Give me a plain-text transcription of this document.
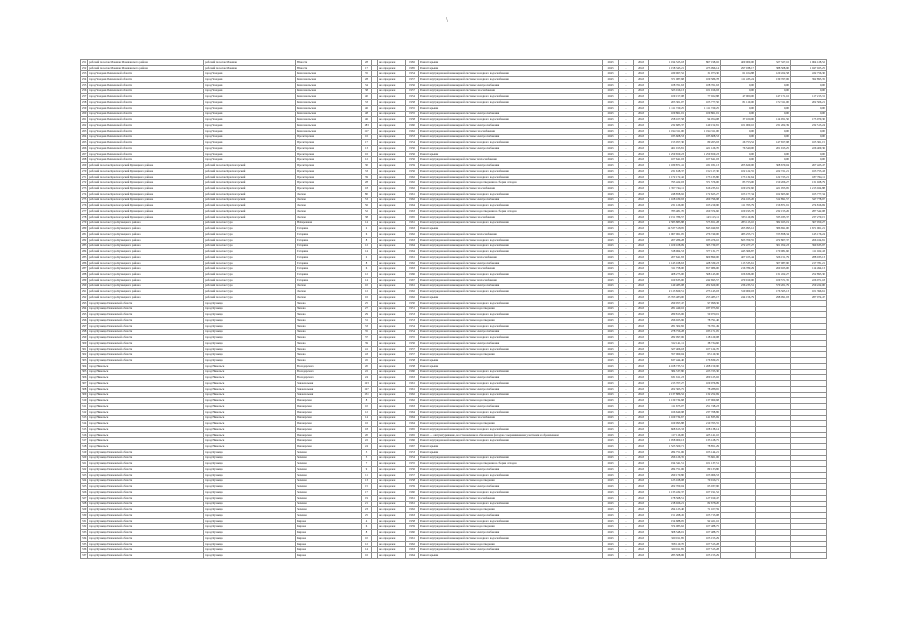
\
251	рабочий поселок Мокшан Мокшанского района	рабочий поселок Мокшан	Юности	28		не определен	1982	Ремонт крыши	2043	-	2043	1 194 525,18	867 198,02	400 000,00	327 327,16	1 064 128,52
252	рабочий поселок Мокшан Мокшанского района	рабочий поселок Мокшан	Юности	17		не определен	1985	Ремонт крыши	2043	-	2043	1 158 343,21	473 096,14	297 038,17	388 508,90	1 047 025,25
253	город Чаадаев Пензенской области	город Чаадаев	Комсомольская	35		не определен	1954	Ремонт внутридомовой инженерной системы холодного водоснабжения	2043	-	2043	430 967,52	31 073,30	61 104,88	120 452,58	432 756,30
254	город Чаадаев Пензенской области	город Чаадаев	Комсомольская	28		не определен	1957	Ремонт внутридомовой инженерной системы холодного водоснабжения	2043	-	2043	371 087,68	109 586,78	111 433,24	139 767,06	392 895,35
255	город Чаадаев Пензенской области	город Чаадаев	Комсомольская	34		не определен	1956	Ремонт внутридомовой инженерной системы электроснабжения	2043	-	2043	108 761,63	108 761,63	0,00	0,00	0,00
256	город Чаадаев Пензенской области	город Чаадаев	Комсомольская	38		не определен	1957	Ремонт внутридомовой инженерной системы газоснабжения	2043	-	2043	323 016,13	101 016,93	0,00	0,00	0,00
257	город Чаадаев Пензенской области	город Чаадаев	Комсомольская	40		не определен	1954	Ремонт внутридомовой инженерной системы холодного водоснабжения	2043	-	2043	109 157,08	77 022,88	47 000,00	147 171,16	117 213,31
258	город Чаадаев Пензенской области	город Чаадаев	Комсомольская	33		не определен	1958	Ремонт внутридомовой инженерной системы холодного водоснабжения	2043	-	2043	203 301,07	105 777,50	81 110,00	172 311,00	202 506,21
259	город Чаадаев Пензенской области	город Чаадаев	Комсомольская	46		не определен	1955	Ремонт крыши	2043	-	2043	1 111 720,25	1 111 720,25	0,00	0,00	0,00
260	город Чаадаев Пензенской области	город Чаадаев	Комсомольская	48		не определен	1955	Ремонт внутридомовой инженерной системы электроснабжения	2043	-	2043	109 861,01	109 861,01	0,00	0,00	0,00
261	город Чаадаев Пензенской области	город Чаадаев	Комсомольская	46		не определен	1958	Ремонт внутридомовой инженерной системы холодного водоснабжения	2043	-	2043	258 107,58	94 054,08	37 100,00	114 951,50	175 970,30
262	город Чаадаев Пензенской области	город Чаадаев	Комсомольская	183		не определен	1960	Ремонт внутридомовой инженерной системы электроснабжения	2043	-	2043	232 683,37	140 152,81	101 000,10	231 202,39	232 513,24
263	город Чаадаев Пензенской области	город Чаадаев	Комсомольская	117		не определен	1962	Ремонт внутридомовой инженерной системы газоснабжения	2043	-	2043	1 194 311,00	1 194 311,00	0,00	0,00	0,00
264	город Чаадаев Пензенской области	город Чаадаев	Пролетарская	16		не определен	1953	Ремонт внутридомовой инженерной системы электроснабжения	2043	-	2043	185 608,53	185 608,53	0,00	0,00	0,00
265	город Чаадаев Пензенской области	город Чаадаев	Пролетарская	17		не определен	1954	Ремонт внутридомовой инженерной системы холодного водоснабжения	2043	-	2043	153 057,30	80 265,93	26 753,52	147 657,98	165 361,15
266	город Чаадаев Пензенской области	город Чаадаев	Пролетарская	13		не определен	1956	Ремонт внутридомовой инженерной системы электроснабжения	2043	-	2043	461 013,81	421 126,70	76 540,00	201 913,25	226 409,36
267	город Чаадаев Пензенской области	город Чаадаев	Пролетарская	16		не определен	1956	Ремонт крыши	2043	-	2043	1 259 659,23	1 259 659,23	0,00	0,00	0,00
268	город Чаадаев Пензенской области	город Чаадаев	Пролетарская	12		не определен	1956	Ремонт внутридомовой инженерной системы теплоснабжения	2043	-	2043	107 641,03	107 641,03	0,00	0,00	0,00
269	рабочий поселок Красногорский Кузнецкого района	рабочий поселок Красногорский	Пролетарская	30		не определен	1959	Ремонт внутридомовой инженерной системы электроснабжения	2043	-	2043	1 180 871,41	431 031,13	205 620,00	368 670,04	267 423,47
270	рабочий поселок Красногорский Кузнецкого района	рабочий поселок Красногорский	Пролетарская	33		не определен	1956	Ремонт внутридомовой инженерной системы холодного водоснабжения	2043	-	2043	231 618,37	152 117,30	102 122,55	222 721,21	163 753,43
271	рабочий поселок Красногорский Кузнецкого района	рабочий поселок Красногорский	Пролетарская	39		не определен	1962	Ремонт внутридомовой инженерной системы холодного водоснабжения	2043	-	2043	1 172 172,42	173 133,80	173 132,64	122 723,21	187 764,11
272	рабочий поселок Красногорский Кузнецкого района	рабочий поселок Красногорский	Пролетарская	28		не определен	1962	Ремонт внутридомовой инженерной системы водоотведения и сборки отходов	2043	-	2043	795 422,03	371 576,00	83 753,00	150 206,27	131 928,79
273	рабочий поселок Красногорский Кузнецкого района	рабочий поселок Красногорский	Пролетарская	18		не определен	1962	Ремонт внутридомовой инженерной системы газоснабжения	2043	-	2043	1 357 744,11	616 235,61	109 472,60	421 053,95	1 213 024,88
274	рабочий поселок Красногорский Кузнецкого района	рабочий поселок Красногорский	Лесная	80		не определен	1961	Ремонт внутридомовой инженерной системы холодного водоснабжения	2043	-	2043	248 858,92	172 625,27	103 177,34	162 603,60	165 777,34
275	рабочий поселок Красногорский Кузнецкого района	рабочий поселок Красногорский	Лесная	53		не определен	1962	Ремонт внутридомовой инженерной системы электроснабжения	2043	-	2043	1 168 180,93	269 796,98	254 163,20	312 891,57	347 778,97
276	рабочий поселок Красногорский Кузнецкого района	рабочий поселок Красногорский	Лесная	56		не определен	1964	Ремонт внутридомовой инженерной системы холодного водоснабжения	2043	-	2043	231 126,00	163 219,90	111 763,79	156 871,91	274 816,69
277	рабочий поселок Красногорский Кузнецкого района	рабочий поселок Красногорский	Лесная	52		не определен	1963	Ремонт внутридомовой инженерной системы водоотведения и сборки отходов	2043	-	2043	783 481,70	450 374,60	100 193,70	232 153,26	287 542,08
278	рабочий поселок Красногорский Кузнецкого района	рабочий поселок Красногорский	Лесная	38		не определен	1965	Ремонт внутридомовой инженерной системы газоснабжения	2043	-	2043	2 151 786,57	143 113,11	333 119,09	335 033,37	237 270,15
279	рабочий поселок Сура Кузнецкого района	рабочий поселок Сура	Набережная	14		не определен	1961	Ремонт внутридомовой инженерной системы холодного водоснабжения	2043	-	2043	2 583 883,88	575 651,28	283 113,10	382 923,19	367 950,27
280	рабочий поселок Сура Кузнецкого района	рабочий поселок Сура	Гагарина	2		не определен	1963	Ремонт крыши	2043	-	2043	14 537 518,95	843 040,83	265 095,12	386 691,00	1 671 961,21
281	рабочий поселок Сура Кузнецкого района	рабочий поселок Сура	Гагарина	6		не определен	1962	Ремонт внутридомовой инженерной системы теплоснабжения	2043	-	2043	1 067 061,05	276 740,00	483 253,71	723 858,34	145 176,24
282	рабочий поселок Сура Кузнецкого района	рабочий поселок Сура	Гагарина	8		не определен	1963	Ремонт внутридомовой инженерной системы холодного водоснабжения	2043	-	2043	207 286,28	183 476,10	823 700,55	472 807,37	266 164,81
283	рабочий поселок Сура Кузнецкого района	рабочий поселок Сура	Гагарина	12		не определен	1964	Ремонт внутридомовой инженерной системы холодного водоснабжения	2043	-	2043	1 109 108,09	305 730,07	272 477,27	301 052,23	390 635,97
284	рабочий поселок Сура Кузнецкого района	рабочий поселок Сура	Гагарина	14		не определен	1964	Ремонт внутридомовой инженерной системы холодного водоснабжения	2043	-	2043	318 964,53	377 131,77	445 366,87	170 081,60	111 022,43
285	рабочий поселок Сура Кузнецкого района	рабочий поселок Сура	Гагарина	2		не определен	1961	Ремонт внутридомовой инженерной системы теплоснабжения	2043	-	2043	207 641,83	609 890,00	407 103,44	326 151,79	288 933,13
286	рабочий поселок Сура Кузнецкого района	рабочий поселок Сура	Гагарина	8		не определен	1962	Ремонт внутридомовой инженерной системы электроснабжения	2043	-	2043	1 145 168,63	428 339,23	113 535,61	307 087,90	217 781,21
287	рабочий поселок Сура Кузнецкого района	рабочий поселок Сура	Гагарина	6		не определен	1963	Ремонт внутридомовой инженерной системы газоснабжения	2043	-	2043	311 758,00	657 986,00	216 789,29	260 923,00	114 494,13
288	рабочий поселок Сура Кузнецкого района	рабочий поселок Сура	Гагарина	12		не определен	1966	Ремонт внутридомовой инженерной системы холодного водоснабжения	2043	-	2043	408 275,00	568 143,00	106 636,00	131 452,27	252 893,30
289	рабочий поселок Сура Кузнецкого района	рабочий поселок Сура	Гагарина	14		не определен	1967	Ремонт внутридомовой инженерной системы теплоснабжения	2043	-	2043	160 635,00	242 693,57	470 910,00	109 571,35	226 971,18
290	рабочий поселок Сура Кузнецкого района	рабочий поселок Сура	Лесная	10		не определен	1961	Ремонт внутридомовой инженерной системы электроснабжения	2043	-	2043	149 485,08	202 620,00	236 233,51	579 201,79	259 222,00
291	рабочий поселок Сура Кузнецкого района	рабочий поселок Сура	Лесная	12		не определен	1962	Ремонт внутридомовой инженерной системы холодного водоснабжения	2043	-	2043	2 113 829,51	273 143,03	310 000,03	176 565,13	101 396,61
292	рабочий поселок Сура Кузнецкого района	рабочий поселок Сура	Лесная	16		не определен	1962	Ремонт крыши	2043	-	2043	15 763 483,00	253 483,17	244 156,79	298 991,03	287 074,47
293	город Кузнецк Пензенской области	город Кузнецк	Чехова	25		не определен	1950	Ремонт внутридомовой инженерной системы холодного водоснабжения	2043	-	2043	290 057,47	97 998,36			
294	город Кузнецк Пензенской области	город Кузнецк	Чехова	27		не определен	1951	Ремонт внутридомовой инженерной системы водоотведения	2043	-	2043	281 449,16	187 973,82			
295	город Кузнецк Пензенской области	город Кузнецк	Чехова	29		не определен	1953	Ремонт внутридомовой инженерной системы холодного водоснабжения	2043	-	2043	280 813,06	50 970,01			
296	город Кузнецк Пензенской области	город Кузнецк	Чехова	31		не определен	1953	Ремонт внутридомовой инженерной системы водоотведения	2043	-	2043	296 025,96	78 791,40			
297	город Кузнецк Пензенской области	город Кузнецк	Чехова	33		не определен	1954	Ремонт внутридомовой инженерной системы холодного водоснабжения	2043	-	2043	281 302,82	76 761,49			
298	город Кузнецк Пензенской области	город Кузнецк	Чехова	35		не определен	1954	Ремонт внутридомовой инженерной системы электроснабжения	2043	-	2043	278 756,28	183 171,05			
299	город Кузнецк Пензенской области	город Кузнецк	Чехова	37		не определен	1955	Ремонт внутридомовой инженерной системы холодного водоснабжения	2043	-	2043	282 097,06	118 129,08			
300	город Кузнецк Пензенской области	город Кузнецк	Чехова	39		не определен	1956	Ремонт внутридомовой инженерной системы электроснабжения	2043	-	2043	312 141,11	38 734,60			
301	город Кузнецк Пензенской области	город Кузнецк	Чехова	41		не определен	1957	Ремонт внутридомовой инженерной системы холодного водоснабжения	2043	-	2043	327 406,18	107 124,70			
302	город Кузнецк Пензенской области	город Кузнецк	Чехова	43		не определен	1957	Ремонт внутридомовой инженерной системы водоотведения	2043	-	2043	357 060,04	65 119,36			
303	город Кузнецк Пензенской области	город Кузнецк	Чехова	45		не определен	1958	Ремонт крыши	2043	-	2043	637 444,40	176 839,25			
304	город Никольск	город Никольск	Володарского	20		не определен	1958	Ремонт крыши	2043	-	2043	4 168 735,51	1 268 150,90			
305	город Никольск	город Никольск	Володарского	22		не определен	1960	Ремонт внутридомовой инженерной системы холодного водоснабжения	2043	-	2043	384 537,80	223 723,30			
306	город Никольск	город Никольск	Володарского	24		не определен	1963	Ремонт внутридомовой инженерной системы электроснабжения	2043	-	2043	631 611,23	200 125,02			
307	город Никольск	город Никольск	Завокзальная	123		не определен	1961	Ремонт внутридомовой инженерной системы холодного водоснабжения	2043	-	2043	213 707,27	109 976,89			
308	город Никольск	город Никольск	Завокзальная	127		не определен	1961	Ремонт внутридомовой инженерной системы электроснабжения	2043	-	2043	202 363,75	78 288,65			
309	город Никольск	город Никольск	Завокзальная	131		не определен	1962	Ремонт внутридомовой инженерной системы холодного водоснабжения	2043	-	2043	2 137 886,52	132 252,69			
310	город Никольск	город Никольск	Пионерская	8		не определен	1962	Ремонт внутридомовой инженерной системы водоотведения	2043	-	2043	1 130 734,68	137 060,68			
311	город Никольск	город Никольск	Пионерская	10		не определен	1963	Ремонт внутридомовой инженерной системы электроснабжения	2043	-	2043	111 675,07	251 748,23			
312	город Никольск	город Никольск	Пионерская	12		не определен	1964	Ремонт внутридомовой инженерной системы холодного водоснабжения	2043	-	2043	166 640,98	237 768,86			
313	город Никольск	город Никольск	Пионерская	14		не определен	1964	Ремонт внутридомовой инженерной системы газоснабжения	2043	-	2043	1 169 734,67	141 835,69			
314	город Никольск	город Никольск	Пионерская	16		не определен	1964	Ремонт внутридомовой инженерной системы водоотведения	2043	-	2043	169 093,88	210 763,55			
315	город Никольск	город Никольск	Пионерская	18		не определен	1965	Ремонт внутридомовой инженерной системы холодного водоснабжения	2043	-	2043	668 613,33	108 138,14			
316	город Никольск	город Никольск	Пионерская	20		не определен	1965	Ремонт — оштукатуривание, восстановление и обновление фасадов с выравниванием участками и обрамлением	2043	-	2043	117 116,00	425 141,10			
317	город Никольск	город Никольск	Пионерская	22		не определен	1966	Ремонт внутридомовой инженерной системы холодного водоснабжения	2043	-	2043	1 058 000,13	133 128,75			
318	город Никольск	город Никольск	Пионерская	24		не определен	1967	Ремонт крыши	2043	-	2043	1 523 500,71	78 851,29			
319	город Кузнецк Пензенской области	город Кузнецк	Зеленая	3		не определен	1953	Ремонт крыши	2043	-	2043	284 751,06	103 144,21			
320	город Кузнецк Пензенской области	город Кузнецк	Зеленая	5		не определен	1954	Ремонт внутридомовой инженерной системы холодного водоснабжения	2043	-	2043	296 126,35	73 661,06			
321	город Кузнецк Пензенской области	город Кузнецк	Зеленая	7		не определен	1955	Ремонт внутридомовой инженерной системы водоотведения и сборки отходов	2043	-	2043	194 341,51	101 137,51			
322	город Кузнецк Пензенской области	город Кузнецк	Зеленая	9		не определен	1956	Ремонт внутридомовой инженерной системы электроснабжения	2043	-	2043	284 751,06	89 133,80			
323	город Кузнецк Пензенской области	город Кузнецк	Зеленая	11		не определен	1957	Ремонт внутридомовой инженерной системы холодного водоснабжения	2043	-	2043	290 170,80	103 066,53			
324	город Кузнецк Пензенской области	город Кузнецк	Зеленая	13		не определен	1958	Ремонт внутридомовой инженерной системы водоотведения	2043	-	2043	125 168,08	70 916,71			
325	город Кузнецк Пензенской области	город Кузнецк	Зеленая	15		не определен	1959	Ремонт внутридомовой инженерной системы электроснабжения	2043	-	2043	202 700,04	65 037,90			
326	город Кузнецк Пензенской области	город Кузнецк	Зеленая	17		не определен	1960	Ремонт внутридомовой инженерной системы холодного водоснабжения	2043	-	2043	1 133 432,37	107 191,52			
327	город Кузнецк Пензенской области	город Кузнецк	Зеленая	19		не определен	1961	Ремонт внутридомовой инженерной системы газоснабжения	2043	-	2043	178 568,51	127 010,47			
328	город Кузнецк Пензенской области	город Кузнецк	Зеленая	21		не определен	1961	Ремонт внутридомовой инженерной системы холодного водоснабжения	2043	-	2043	218 926,21	82 678,20			
329	город Кузнецк Пензенской области	город Кузнецк	Зеленая	23		не определен	1962	Ремонт внутридомовой инженерной системы водоотведения	2043	-	2043	294 123,40	71 107,59			
330	город Кузнецк Пензенской области	город Кузнецк	Зеленая	25		не определен	1963	Ремонт внутридомовой инженерной системы электроснабжения	2043	-	2043	151 268,45	105 713,08			
331	город Кузнецк Пензенской области	город Кузнецк	Кирова	4		не определен	1958	Ремонт внутридомовой инженерной системы холодного водоснабжения	2043	-	2043	154 688,05	92 421,16			
332	город Кузнецк Пензенской области	город Кузнецк	Кирова	6		не определен	1959	Ремонт внутридомовой инженерной системы водоотведения	2043	-	2043	374 083,62	107 488,75			
333	город Кузнецк Пензенской области	город Кузнецк	Кирова	8		не определен	1960	Ремонт внутридомовой инженерной системы электроснабжения	2043	-	2043	308 548,01	107 488,75			
334	город Кузнецк Пензенской области	город Кузнецк	Кирова	10		не определен	1961	Ремонт внутридомовой инженерной системы холодного водоснабжения	2043	-	2043	320 011,85	105 153,29			
335	город Кузнецк Пензенской области	город Кузнецк	Кирова	12		не определен	1962	Ремонт внутридомовой инженерной системы водоотведения	2043	-	2043	358 110,70	107 513,28			
336	город Кузнецк Пензенской области	город Кузнецк	Кирова	14		не определен	1963	Ремонт внутридомовой инженерной системы электроснабжения	2043	-	2043	320 011,85	107 513,28			
337	город Кузнецк Пензенской области	город Кузнецк	Кирова	16		не определен	1964	Ремонт крыши	2043	-	2043	283 508,06	105 153,29			
